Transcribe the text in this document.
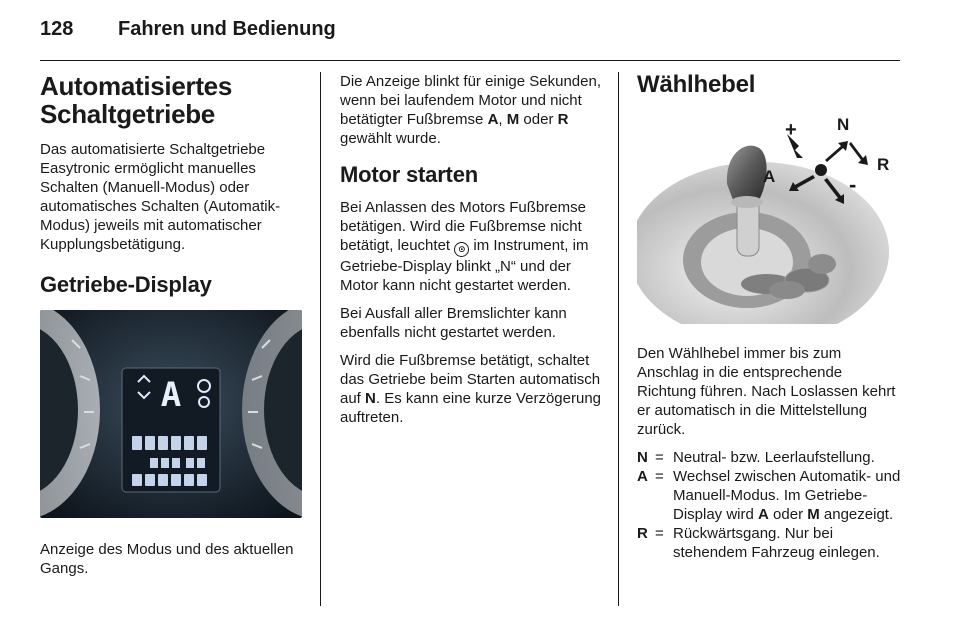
128 Fahren und Bedienung
Automatisiertes
Schaltgetriebe

Das automatisierte Schaltgetriebe Easytronic ermöglicht manuelles Schalten (Manuell-Modus) oder automatisches Schalten (Automatik-Modus) jeweils mit automatischer Kupplungsbetätigung.

Getriebe-Display
A

Anzeige des Modus und des aktuellen Gangs.

Die Anzeige blinkt für einige Sekunden, wenn bei laufendem Motor und nicht betätigter Fußbremse A, M oder R gewählt wurde.

Motor starten

Bei Anlassen des Motors Fußbremse betätigen. Wird die Fußbremse nicht betätigt, leuchtet ⊙ im Instrument, im Getriebe-Display blinkt „N“ und der Motor kann nicht gestartet werden.

Bei Ausfall aller Bremslichter kann ebenfalls nicht gestartet werden.

Wird die Fußbremse betätigt, schaltet das Getriebe beim Starten automatisch auf N. Es kann eine kurze Verzögerung auftreten.

Wählhebel
+
-
N
R
A

Den Wählhebel immer bis zum Anschlag in die entsprechende Richtung führen. Nach Loslassen kehrt er automatisch in die Mittelstellung zurück.

N = Neutral- bzw. Leerlaufstellung.
A = Wechsel zwischen Automatik- und Manuell-Modus. Im Getriebe-Display wird A oder M angezeigt.
R = Rückwärtsgang. Nur bei stehendem Fahrzeug einlegen.
